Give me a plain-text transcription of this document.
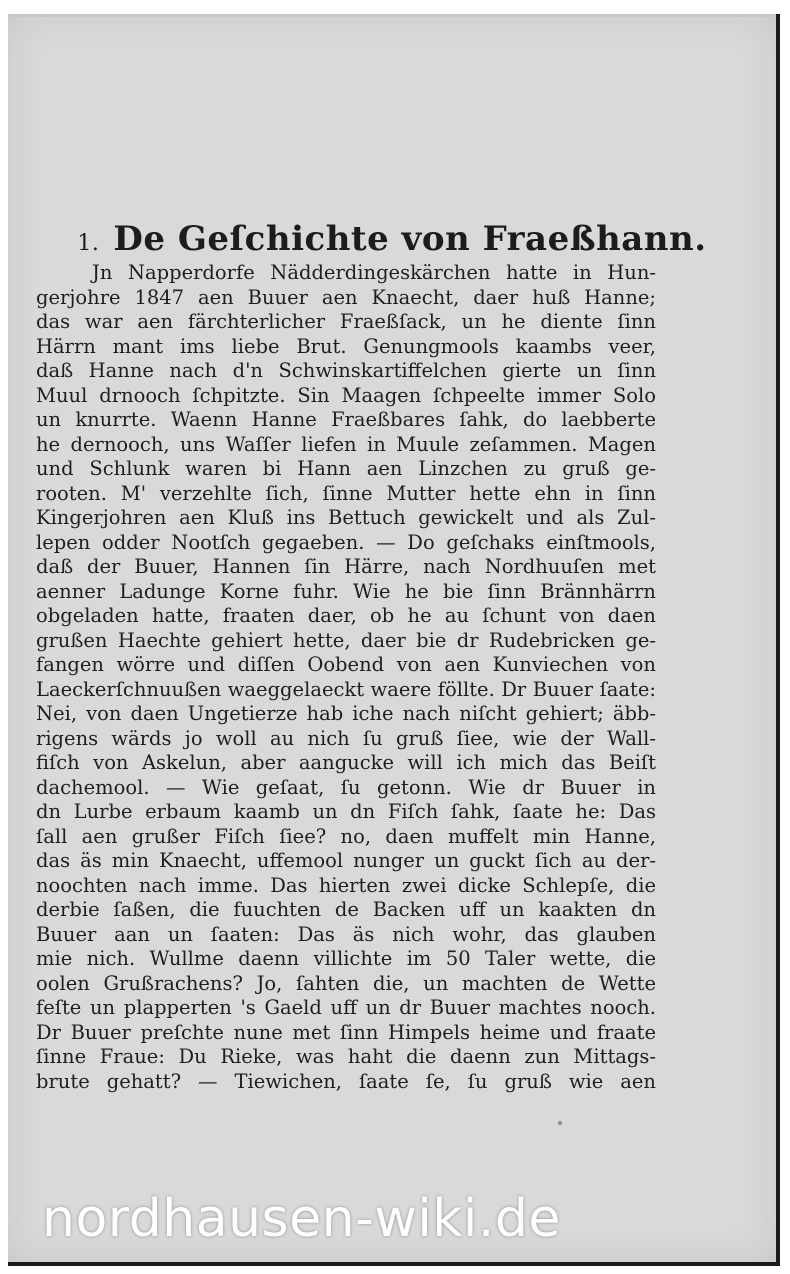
1. De Geſchichte von Fraeßhann.
Jn Napperdorfe Nädderdingeskärchen hatte in Hun-
gerjohre 1847 aen Buuer aen Knaecht, daer huß Hanne;
das war aen färchterlicher Fraeßſack, un he diente ſinn
Härrn mant ims liebe Brut. Genungmools kaambs veer,
daß Hanne nach d'n Schwinskartiffelchen gierte un ſinn
Muul drnooch ſchpitzte. Sin Maagen ſchpeelte immer Solo
un knurrte. Waenn Hanne Fraeßbares ſahk, do laebberte
he dernooch, uns Waſſer liefen in Muule zeſammen. Magen
und Schlunk waren bi Hann aen Linzchen zu gruß ge-
rooten. M' verzehlte ſich, ſinne Mutter hette ehn in ſinn
Kingerjohren aen Kluß ins Bettuch gewickelt und als Zul-
lepen odder Nootſch gegaeben. — Do geſchaks einſtmools,
daß der Buuer, Hannen ſin Härre, nach Nordhuuſen met
aenner Ladunge Korne fuhr. Wie he bie ſinn Brännhärrn
obgeladen hatte, fraaten daer, ob he au ſchunt von daen
grußen Haechte gehiert hette, daer bie dr Rudebricken ge-
fangen wörre und diſſen Oobend von aen Kunviechen von
Laeckerſchnuußen waeggelaeckt waere föllte. Dr Buuer ſaate:
Nei, von daen Ungetierze hab iche nach niſcht gehiert; äbb-
rigens wärds jo woll au nich ſu gruß ſiee, wie der Wall-
fiſch von Askelun, aber aangucke will ich mich das Beiſt
dachemool. — Wie geſaat, ſu getonn. Wie dr Buuer in
dn Lurbe erbaum kaamb un dn Fiſch ſahk, ſaate he: Das
ſall aen grußer Fiſch ſiee? no, daen muffelt min Hanne,
das äs min Knaecht, uffemool nunger un guckt ſich au der-
noochten nach imme. Das hierten zwei dicke Schlepſe, die
derbie ſaßen, die fuuchten de Backen uff un kaakten dn
Buuer aan un ſaaten: Das äs nich wohr, das glauben
mie nich. Wullme daenn villichte im 50 Taler wette, die
oolen Grußrachens? Jo, ſahten die, un machten de Wette
feſte un plapperten 's Gaeld uff un dr Buuer machtes nooch.
Dr Buuer preſchte nune met ſinn Himpels heime und fraate
ſinne Fraue: Du Rieke, was haht die daenn zun Mittags-
brute gehatt? — Tiewichen, ſaate ſe, ſu gruß wie aen
nordhausen-wiki.de
